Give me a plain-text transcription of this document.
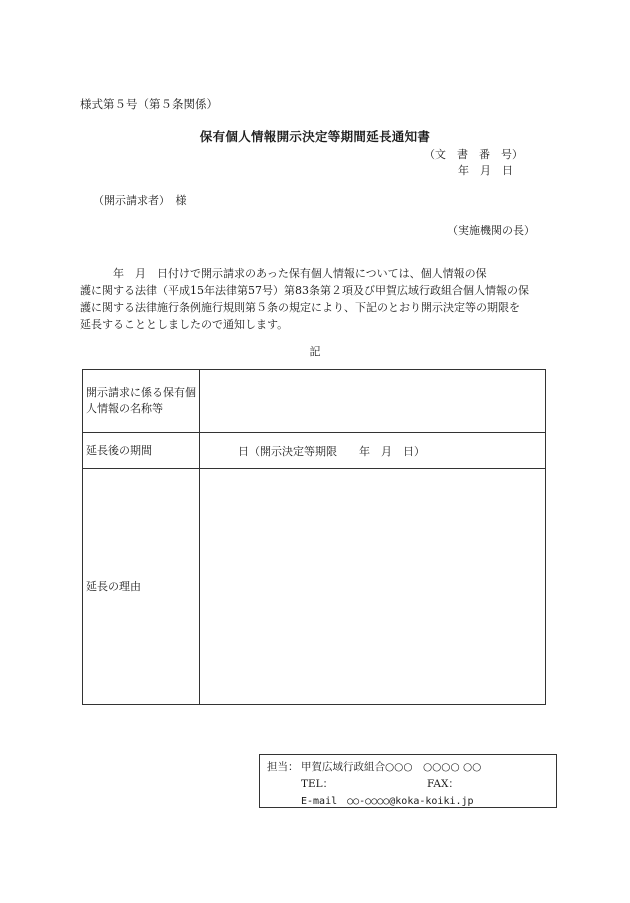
様式第５号（第５条関係）
保有個人情報開示決定等期間延長通知書
（文　書　番　号）
年　月　日
（開示請求者）　様
（実施機関の長）
　　　年　月　日付けで開示請求のあった保有個人情報については、個人情報の保
護に関する法律（平成15年法律第57号）第83条第２項及び甲賀広域行政組合個人情報の保
護に関する法律施行条例施行規則第５条の規定により、下記のとおり開示決定等の期限を
延長することとしましたので通知します。
記
開示請求に係る保有個人情報の名称等	
延長後の期間	日（開示決定等期限　　年　月　日）
延長の理由	
担当： 甲賀広域行政組合○○○　○○○○ ○○
TEL：	FAX：
E-mail　○○-○○○○@koka-koiki.jp
